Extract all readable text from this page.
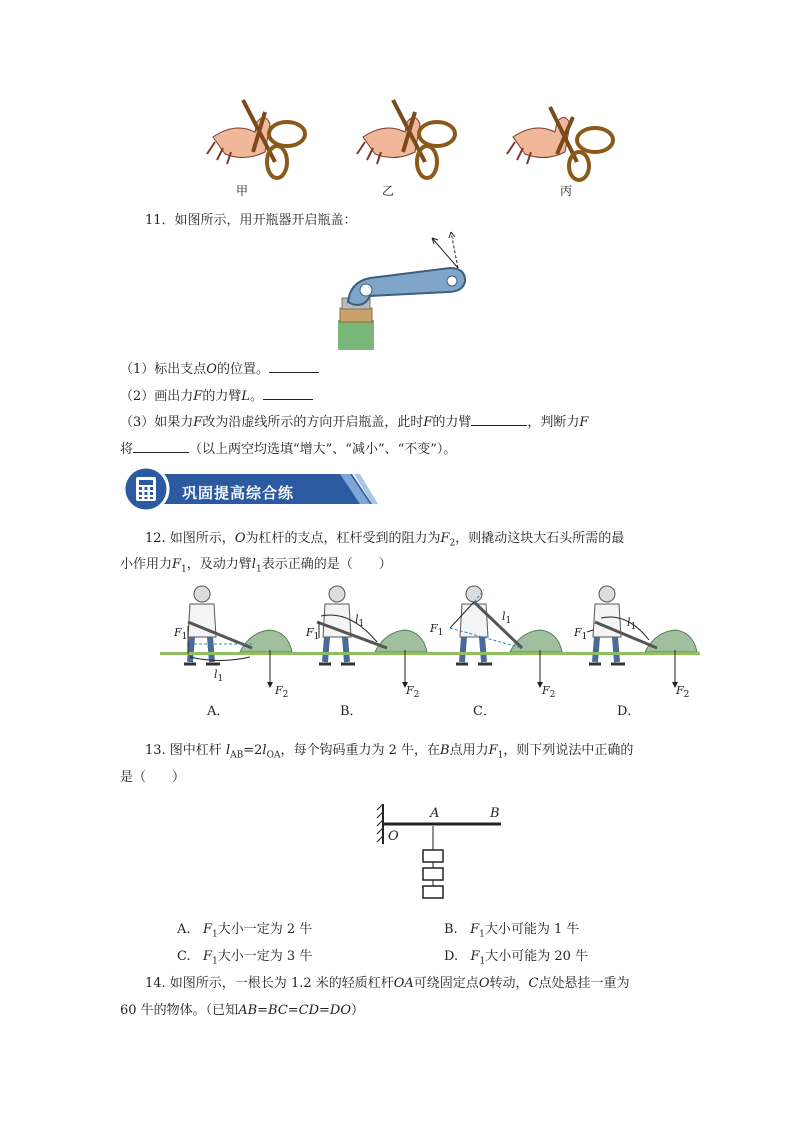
甲	乙	丙
11．如图所示，用开瓶器开启瓶盖：
（1）标出支点O的位置。
（2）画出力F的力臂L。
（3）如果力F改为沿虚线所示的方向开启瓶盖，此时F的力臂	，判断力F
将	（以上两空均选填“增大”、“减小”、“不变”）。
巩固提高综合练
12. 如图所示，O为杠杆的支点，杠杆受到的阻力为$F_2$，则撬动这块大石头所需的最
小作用力$F_1$，及动力臂$l_1$表示正确的是（　　）
$F_1$
$l_1$
$F_2$
$F_1$
$l_1$
$F_2$
$F_1$
$l_1$
$F_2$
$F_1$
$l_1$
$F_2$
A．	B．	C．	D．
13. 图中杠杆 $l_{AB}=2l_{OA}$，每个钩码重力为 2 牛，在B点用力$F_1$，则下列说法中正确的
是（　　）
A	B
O
A. $F_1$大小一定为 2 牛	B. $F_1$大小可能为 1 牛
C. $F_1$大小一定为 3 牛	D. $F_1$大小可能为 20 牛
14. 如图所示，一根长为 1.2 米的轻质杠杆OA可绕固定点O转动，C点处悬挂一重为
60 牛的物体。（已知AB=BC=CD=DO）
